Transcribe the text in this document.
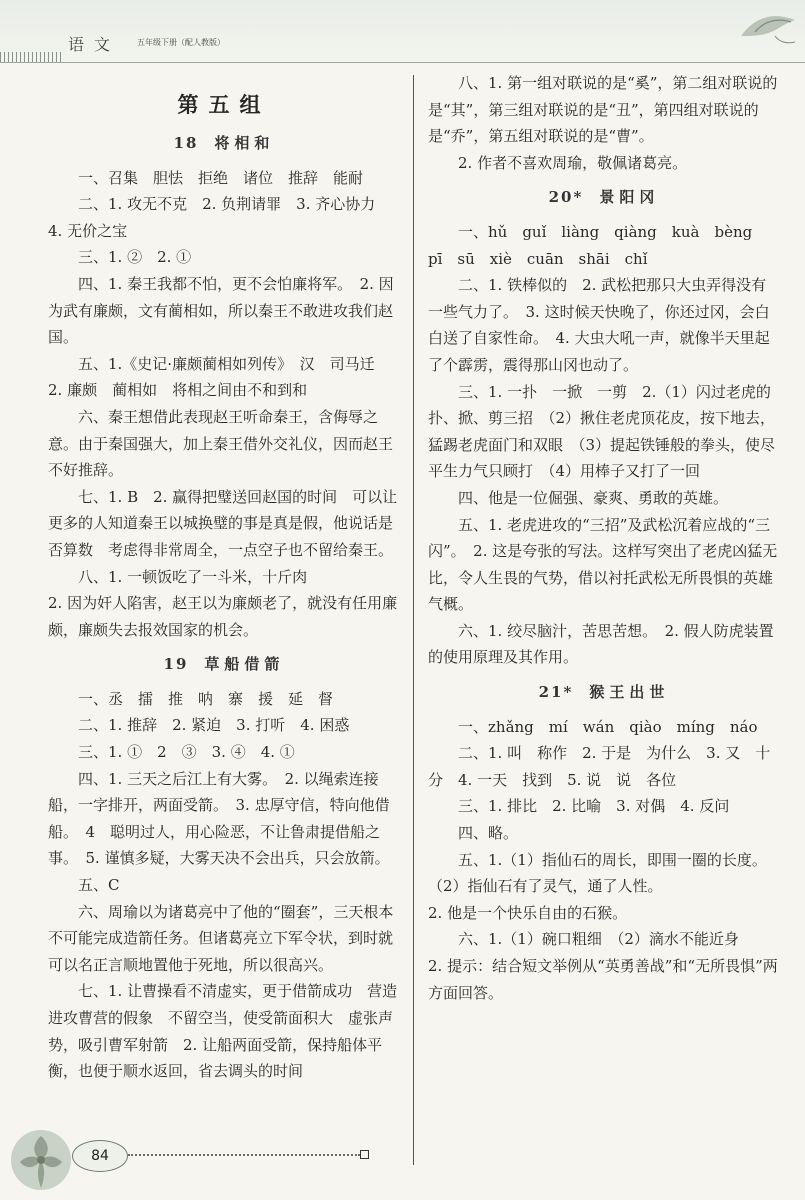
语文 五年级下册（配人教版）

第五组

18 将相和

一、召集　胆怯　拒绝　诸位　推辞　能耐

二、1. 攻无不克　2. 负荆请罪　3. 齐心协力　4. 无价之宝

三、1. ②　2. ①

四、1. 秦王我都不怕，更不会怕廉将军。　2. 因为武有廉颇，文有蔺相如，所以秦王不敢进攻我们赵国。

五、1.《史记·廉颇蔺相如列传》　汉　司马迁　2. 廉颇　蔺相如　将相之间由不和到和

六、秦王想借此表现赵王听命秦王，含侮辱之意。由于秦国强大，加上秦王借外交礼仪，因而赵王不好推辞。

七、1. B　2. 赢得把璧送回赵国的时间　可以让更多的人知道秦王以城换璧的事是真是假，他说话是否算数　考虑得非常周全，一点空子也不留给秦王。

八、1. 一顿饭吃了一斗米，十斤肉

2. 因为奸人陷害，赵王以为廉颇老了，就没有任用廉颇，廉颇失去报效国家的机会。

19 草船借箭

一、丞　擂　推　呐　寨　援　延　督

二、1. 推辞　2. 紧迫　3. 打听　4. 困惑

三、1. ①　2　③　3. ④　4. ①

四、1. 三天之后江上有大雾。　2. 以绳索连接船，一字排开，两面受箭。　3. 忠厚守信，特向他借船。　4　聪明过人，用心险恶，不让鲁肃提借船之事。　5. 谨慎多疑，大雾天决不会出兵，只会放箭。

五、C

六、周瑜以为诸葛亮中了他的“圈套”，三天根本不可能完成造箭任务。但诸葛亮立下军令状，到时就可以名正言顺地置他于死地，所以很高兴。

七、1. 让曹操看不清虚实，更于借箭成功　营造进攻曹营的假象　不留空当，使受箭面积大　虚张声势，吸引曹军射箭　2. 让船两面受箭，保持船体平衡，也便于顺水返回，省去调头的时间

八、1. 第一组对联说的是“奚”，第二组对联说的是“其”，第三组对联说的是“丑”，第四组对联说的是“乔”，第五组对联说的是“曹”。

2. 作者不喜欢周瑜，敬佩诸葛亮。

20* 景阳冈

一、hǔ　guǐ　liàng　qiàng　kuà　bèng　pī　sū　xiè　cuān　shāi　chǐ

二、1. 铁棒似的　2. 武松把那只大虫弄得没有一些气力了。　3. 这时候天快晚了，你还过冈，会白白送了自家性命。　4. 大虫大吼一声，就像半天里起了个霹雳，震得那山冈也动了。

三、1. 一扑　一掀　一剪　2.（1）闪过老虎的扑、掀、剪三招　（2）揪住老虎顶花皮，按下地去，猛踢老虎面门和双眼　（3）提起铁锤般的拳头，使尽平生力气只顾打　（4）用棒子又打了一回

四、他是一位倔强、豪爽、勇敢的英雄。

五、1. 老虎进攻的“三招”及武松沉着应战的“三闪”。　2. 这是夸张的写法。这样写突出了老虎凶猛无比，令人生畏的气势，借以衬托武松无所畏惧的英雄气概。

六、1. 绞尽脑汁，苦思苦想。　2. 假人防虎装置的使用原理及其作用。

21* 猴王出世

一、zhǎng　mí　wán　qiào　míng　náo

二、1. 叫　称作　2. 于是　为什么　3. 又　十分　4. 一天　找到　5. 说　说　各位

三、1. 排比　2. 比喻　3. 对偶　4. 反问

四、略。

五、1.（1）指仙石的周长，即围一圈的长度。　（2）指仙石有了灵气，通了人性。

2. 他是一个快乐自由的石猴。

六、1.（1）碗口粗细　（2）滴水不能近身

2. 提示：结合短文举例从“英勇善战”和“无所畏惧”两方面回答。

84
